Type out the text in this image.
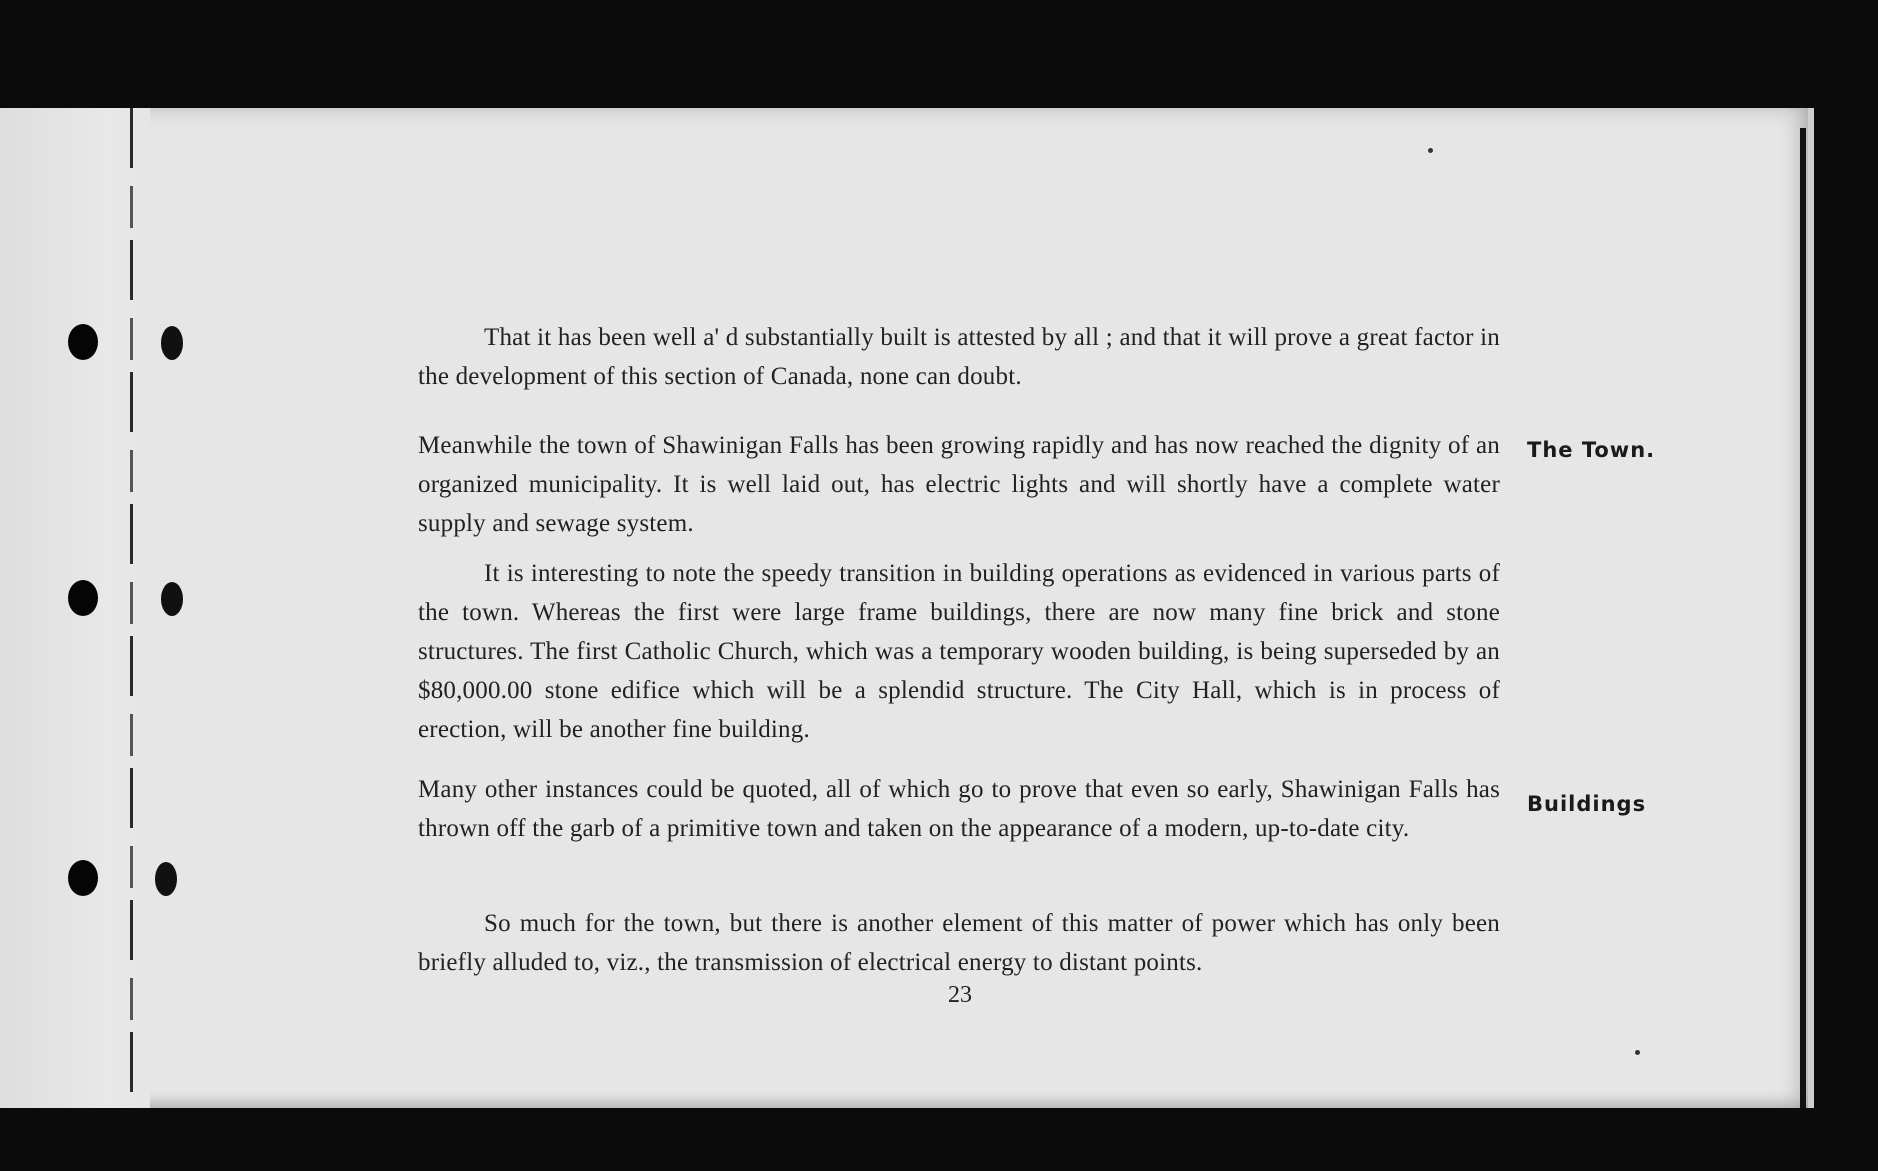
That it has been well a' d substantially built is attested by all ; and that it will prove a great factor in the development of this section of Canada, none can doubt.

Meanwhile the town of Shawinigan Falls has been growing rapidly and has now reached the dignity of an organized municipality. It is well laid out, has electric lights and will shortly have a complete water supply and sewage system.

The Town.

It is interesting to note the speedy transition in building operations as evidenced in various parts of the town. Whereas the first were large frame buildings, there are now many fine brick and stone structures. The first Catholic Church, which was a temporary wooden building, is being superseded by an $80,000.00 stone edifice which will be a splendid structure. The City Hall, which is in process of erection, will be another fine building.

Many other instances could be quoted, all of which go to prove that even so early, Shawinigan Falls has thrown off the garb of a primitive town and taken on the appearance of a modern, up-to-date city.

Buildings

So much for the town, but there is another element of this matter of power which has only been briefly alluded to, viz., the transmission of electrical energy to distant points.

23
